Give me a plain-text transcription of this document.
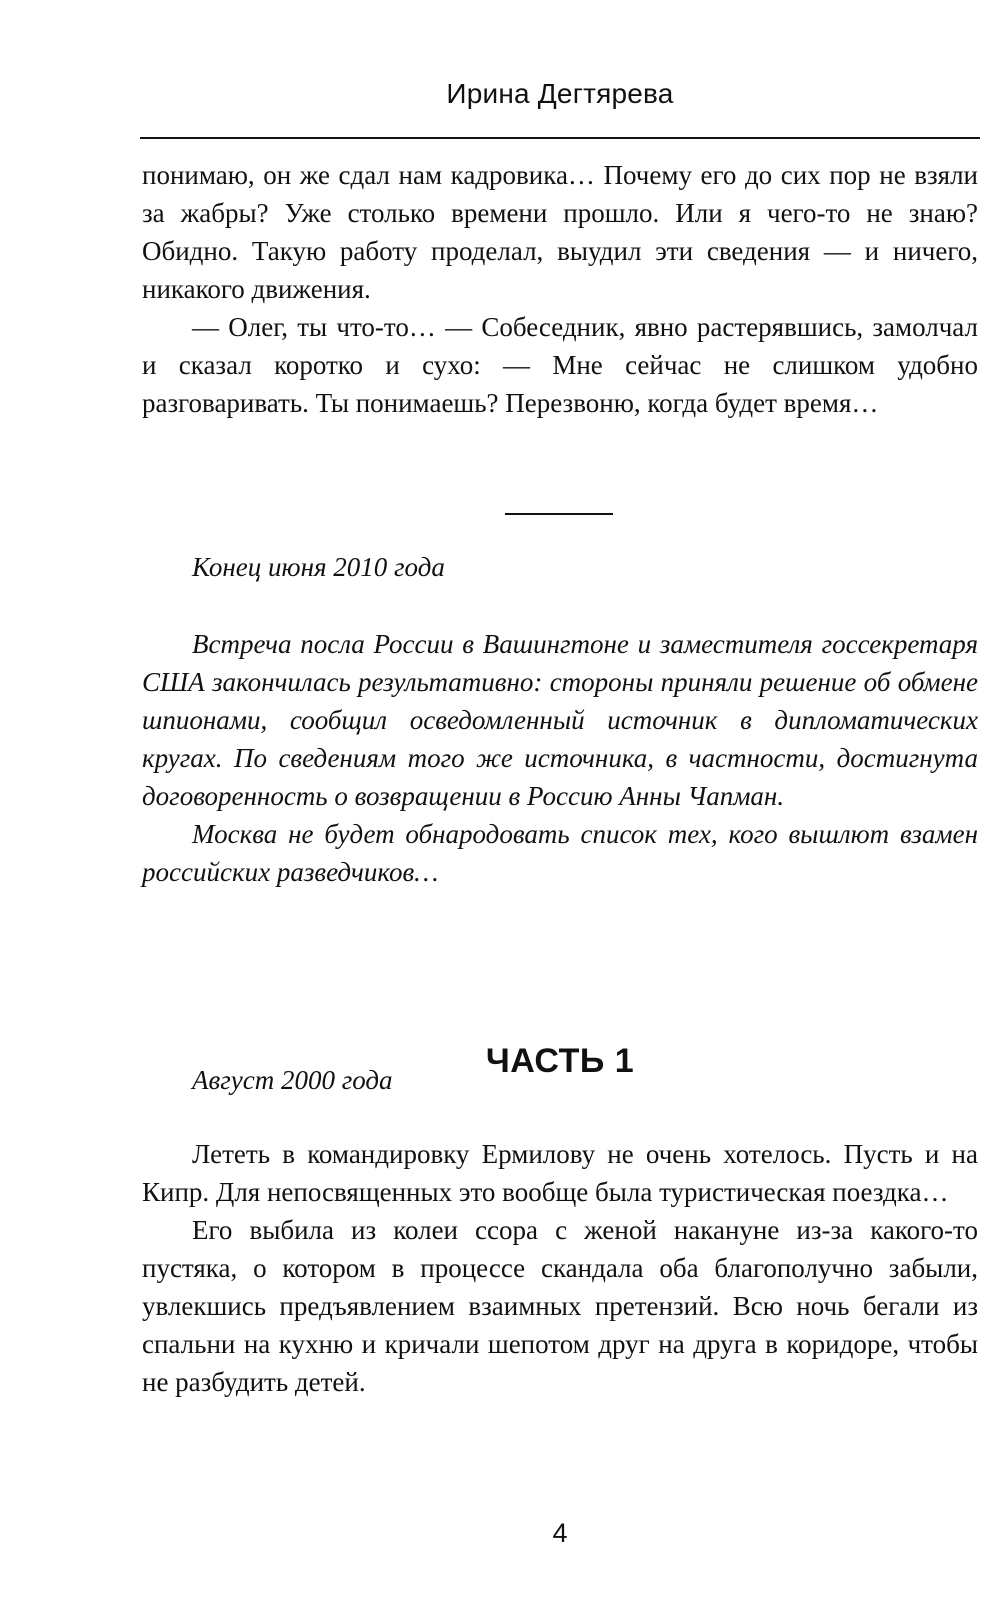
Ирина Дегтярева

понимаю, он же сдал нам кадровика… Почему его до сих пор не взяли за жабры? Уже столько времени прошло. Или я чего-то не знаю? Обидно. Такую работу проделал, выудил эти сведения — и ничего, никакого движения.

— Олег, ты что-то… — Собеседник, явно растерявшись, замолчал и сказал коротко и сухо: — Мне сейчас не слишком удобно разговаривать. Ты понимаешь? Перезвоню, когда будет время…

Конец июня 2010 года

Встреча посла России в Вашингтоне и заместителя госсекретаря США закончилась результативно: стороны приняли решение об обмене шпионами, сообщил осведомленный источник в дипломатических кругах. По сведениям того же источника, в частности, достигнута договоренность о возвращении в Россию Анны Чапман.

Москва не будет обнародовать список тех, кого вышлют взамен российских разведчиков…

ЧАСТЬ 1
Август 2000 года

Лететь в командировку Ермилову не очень хотелось. Пусть и на Кипр. Для непосвященных это вообще была туристическая поездка…

Его выбила из колеи ссора с женой накануне из-за какого-то пустяка, о котором в процессе скандала оба благополучно забыли, увлекшись предъявлением взаимных претензий. Всю ночь бегали из спальни на кухню и кричали шепотом друг на друга в коридоре, чтобы не разбудить детей.

4
